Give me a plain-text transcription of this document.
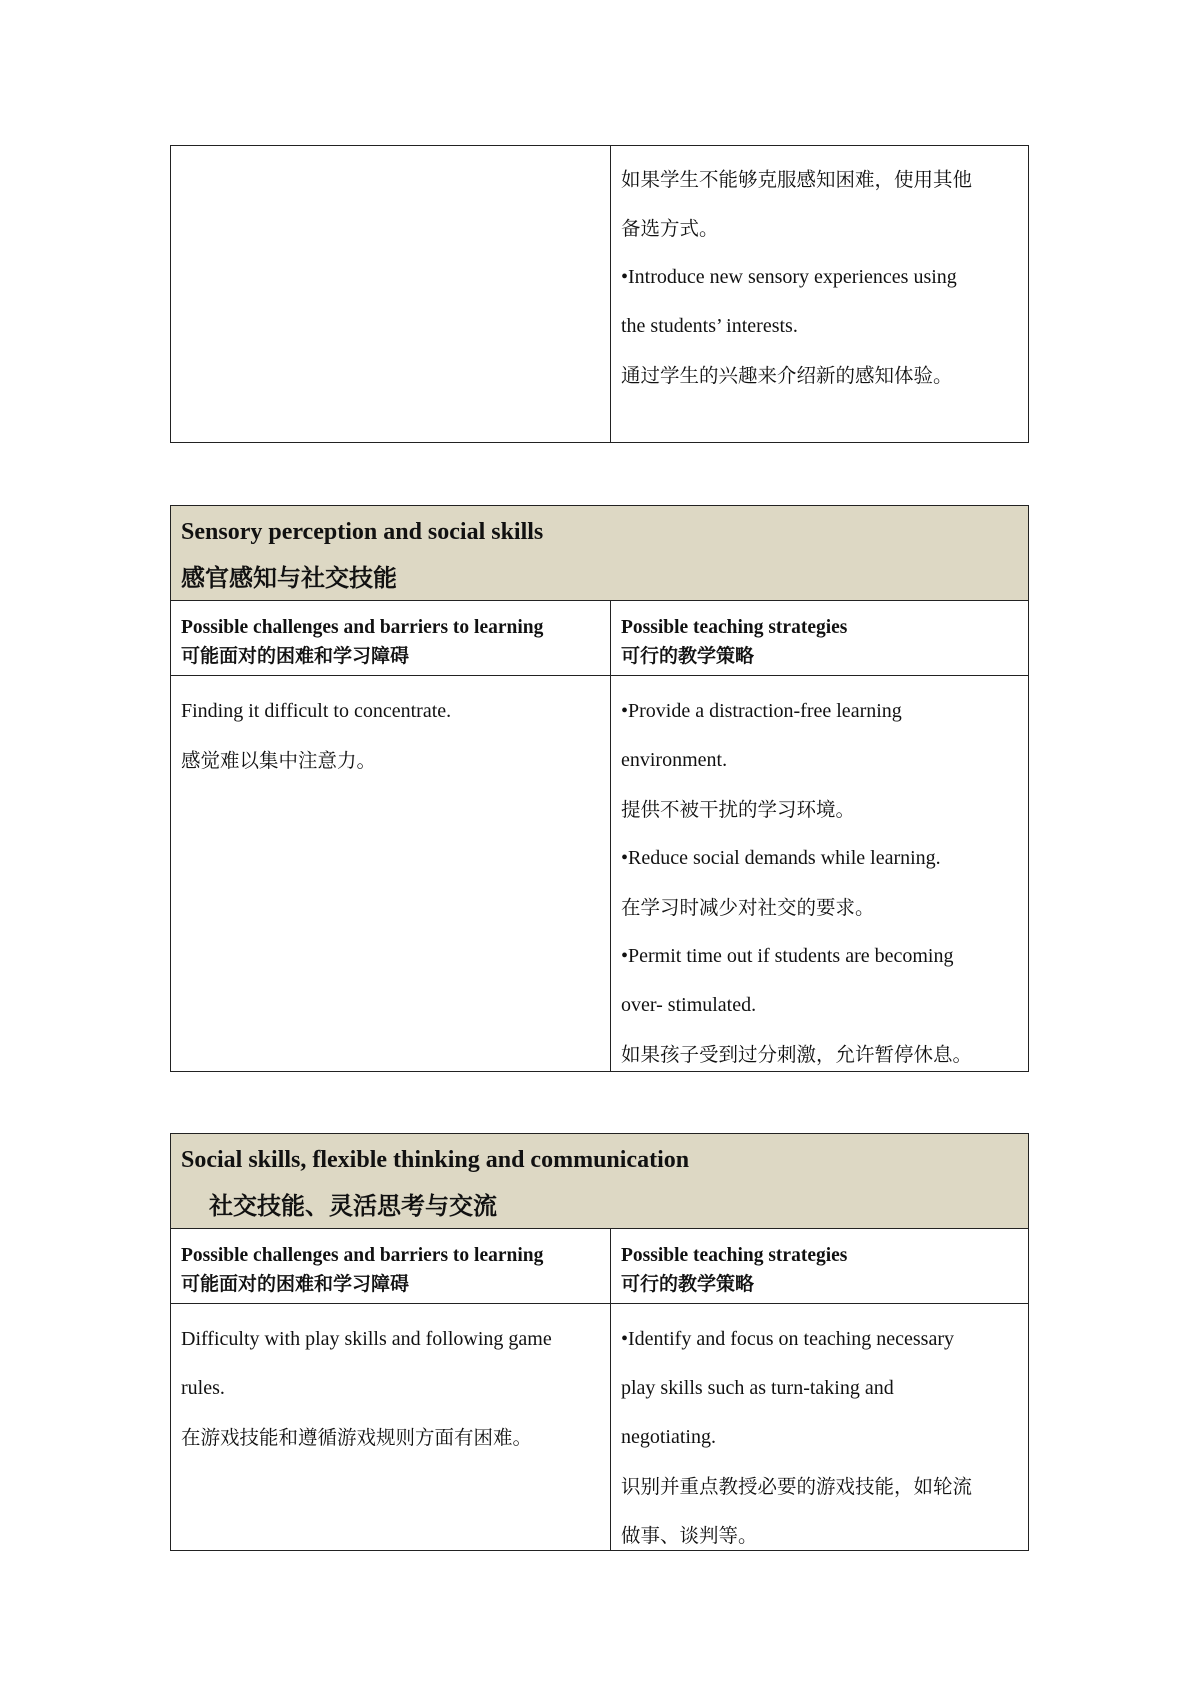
如果学生不能够克服感知困难，使用其他

备选方式。

•Introduce new sensory experiences using

the students’ interests.

通过学生的兴趣来介绍新的感知体验。

Sensory perception and social skills
感官感知与社交技能
Possible challenges and barriers to learning
可能面对的困难和学习障碍
Possible teaching strategies
可行的教学策略

Finding it difficult to concentrate.

感觉难以集中注意力。

•Provide a distraction-free learning

environment.

提供不被干扰的学习环境。

•Reduce social demands while learning.

在学习时减少对社交的要求。

•Permit time out if students are becoming

over- stimulated.

如果孩子受到过分刺激，允许暂停休息。

Social skills, flexible thinking and communication
社交技能、灵活思考与交流
Possible challenges and barriers to learning
可能面对的困难和学习障碍
Possible teaching strategies
可行的教学策略

Difficulty with play skills and following game

rules.

在游戏技能和遵循游戏规则方面有困难。

•Identify and focus on teaching necessary

play skills such as turn-taking and

negotiating.

识别并重点教授必要的游戏技能，如轮流

做事、谈判等。
